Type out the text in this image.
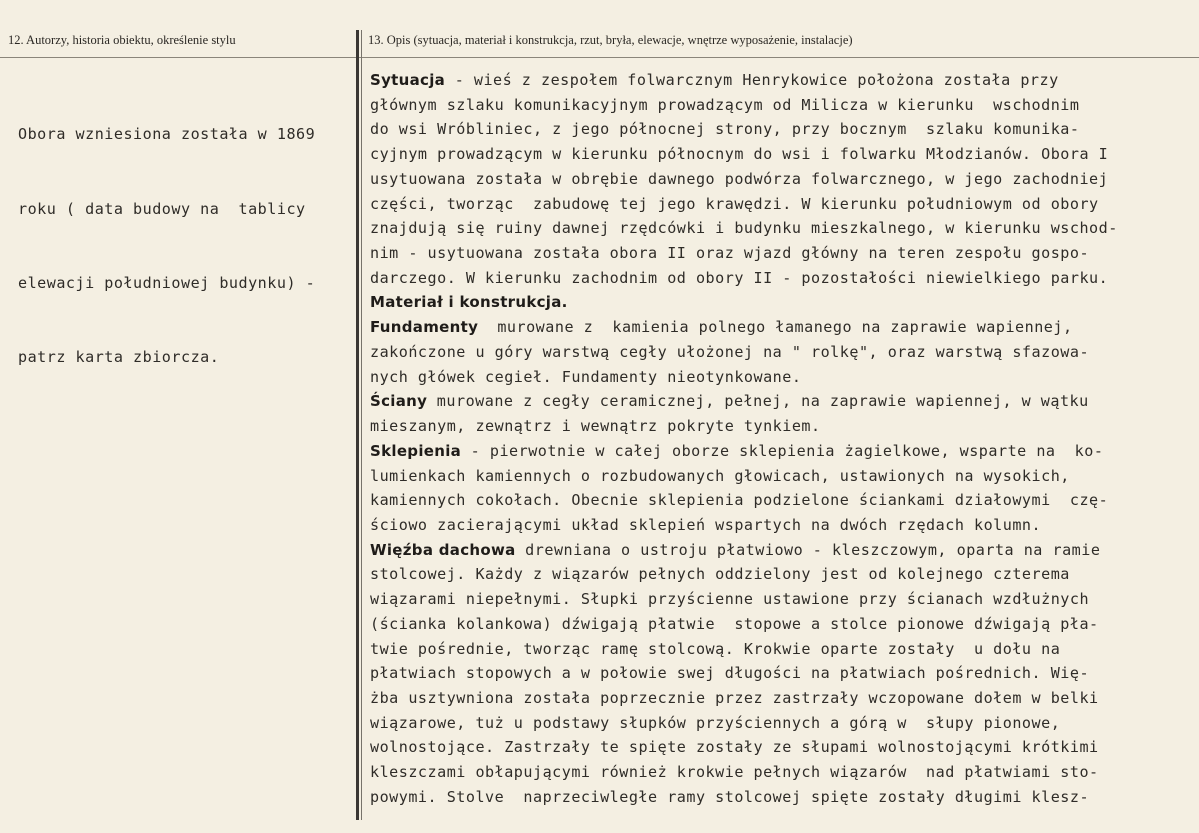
12. Autorzy, historia obiektu, określenie stylu	13. Opis (sytuacja, materiał i konstrukcja, rzut, bryła, elewacje, wnętrze wyposażenie, instalacje)

Obora wzniesiona została w 1869

roku ( data budowy na  tablicy

elewacji południowej budynku) -

patrz karta zbiorcza.

Sytuacja - wieś z zespołem folwarcznym Henrykowice położona została przy
głównym szlaku komunikacyjnym prowadzącym od Milicza w kierunku  wschodnim
do wsi Wróbliniec, z jego północnej strony, przy bocznym  szlaku komunika-
cyjnym prowadzącym w kierunku północnym do wsi i folwarku Młodzianów. Obora I
usytuowana została w obrębie dawnego podwórza folwarcznego, w jego zachodniej
części, tworząc  zabudowę tej jego krawędzi. W kierunku południowym od obory
znajdują się ruiny dawnej rzędcówki i budynku mieszkalnego, w kierunku wschod-
nim - usytuowana została obora II oraz wjazd główny na teren zespołu gospo-
darczego. W kierunku zachodnim od obory II - pozostałości niewielkiego parku.
Materiał i konstrukcja.
Fundamenty  murowane z  kamienia polnego łamanego na zaprawie wapiennej,
zakończone u góry warstwą cegły ułożonej na " rolkę", oraz warstwą sfazowa-
nych główek cegieł. Fundamenty nieotynkowane.
Ściany murowane z cegły ceramicznej, pełnej, na zaprawie wapiennej, w wątku
mieszanym, zewnątrz i wewnątrz pokryte tynkiem.
Sklepienia - pierwotnie w całej oborze sklepienia żagielkowe, wsparte na  ko-
lumienkach kamiennych o rozbudowanych głowicach, ustawionych na wysokich,
kamiennych cokołach. Obecnie sklepienia podzielone ściankami działowymi  czę-
ściowo zacierającymi układ sklepień wspartych na dwóch rzędach kolumn.
Więźba dachowa drewniana o ustroju płatwiowo - kleszczowym, oparta na ramie
stolcowej. Każdy z wiązarów pełnych oddzielony jest od kolejnego czterema
wiązarami niepełnymi. Słupki przyścienne ustawione przy ścianach wzdłużnych
(ścianka kolankowa) dźwigają płatwie  stopowe a stolce pionowe dźwigają pła-
twie pośrednie, tworząc ramę stolcową. Krokwie oparte zostały  u dołu na
płatwiach stopowych a w połowie swej długości na płatwiach pośrednich. Wię-
żba usztywniona została poprzecznie przez zastrzały wczopowane dołem w belki
wiązarowe, tuż u podstawy słupków przyściennych a górą w  słupy pionowe,
wolnostojące. Zastrzały te spięte zostały ze słupami wolnostojącymi krótkimi
kleszczami obłapującymi również krokwie pełnych wiązarów  nad płatwiami sto-
powymi. Stolve  naprzeciwległe ramy stolcowej spięte zostały długimi klesz-
